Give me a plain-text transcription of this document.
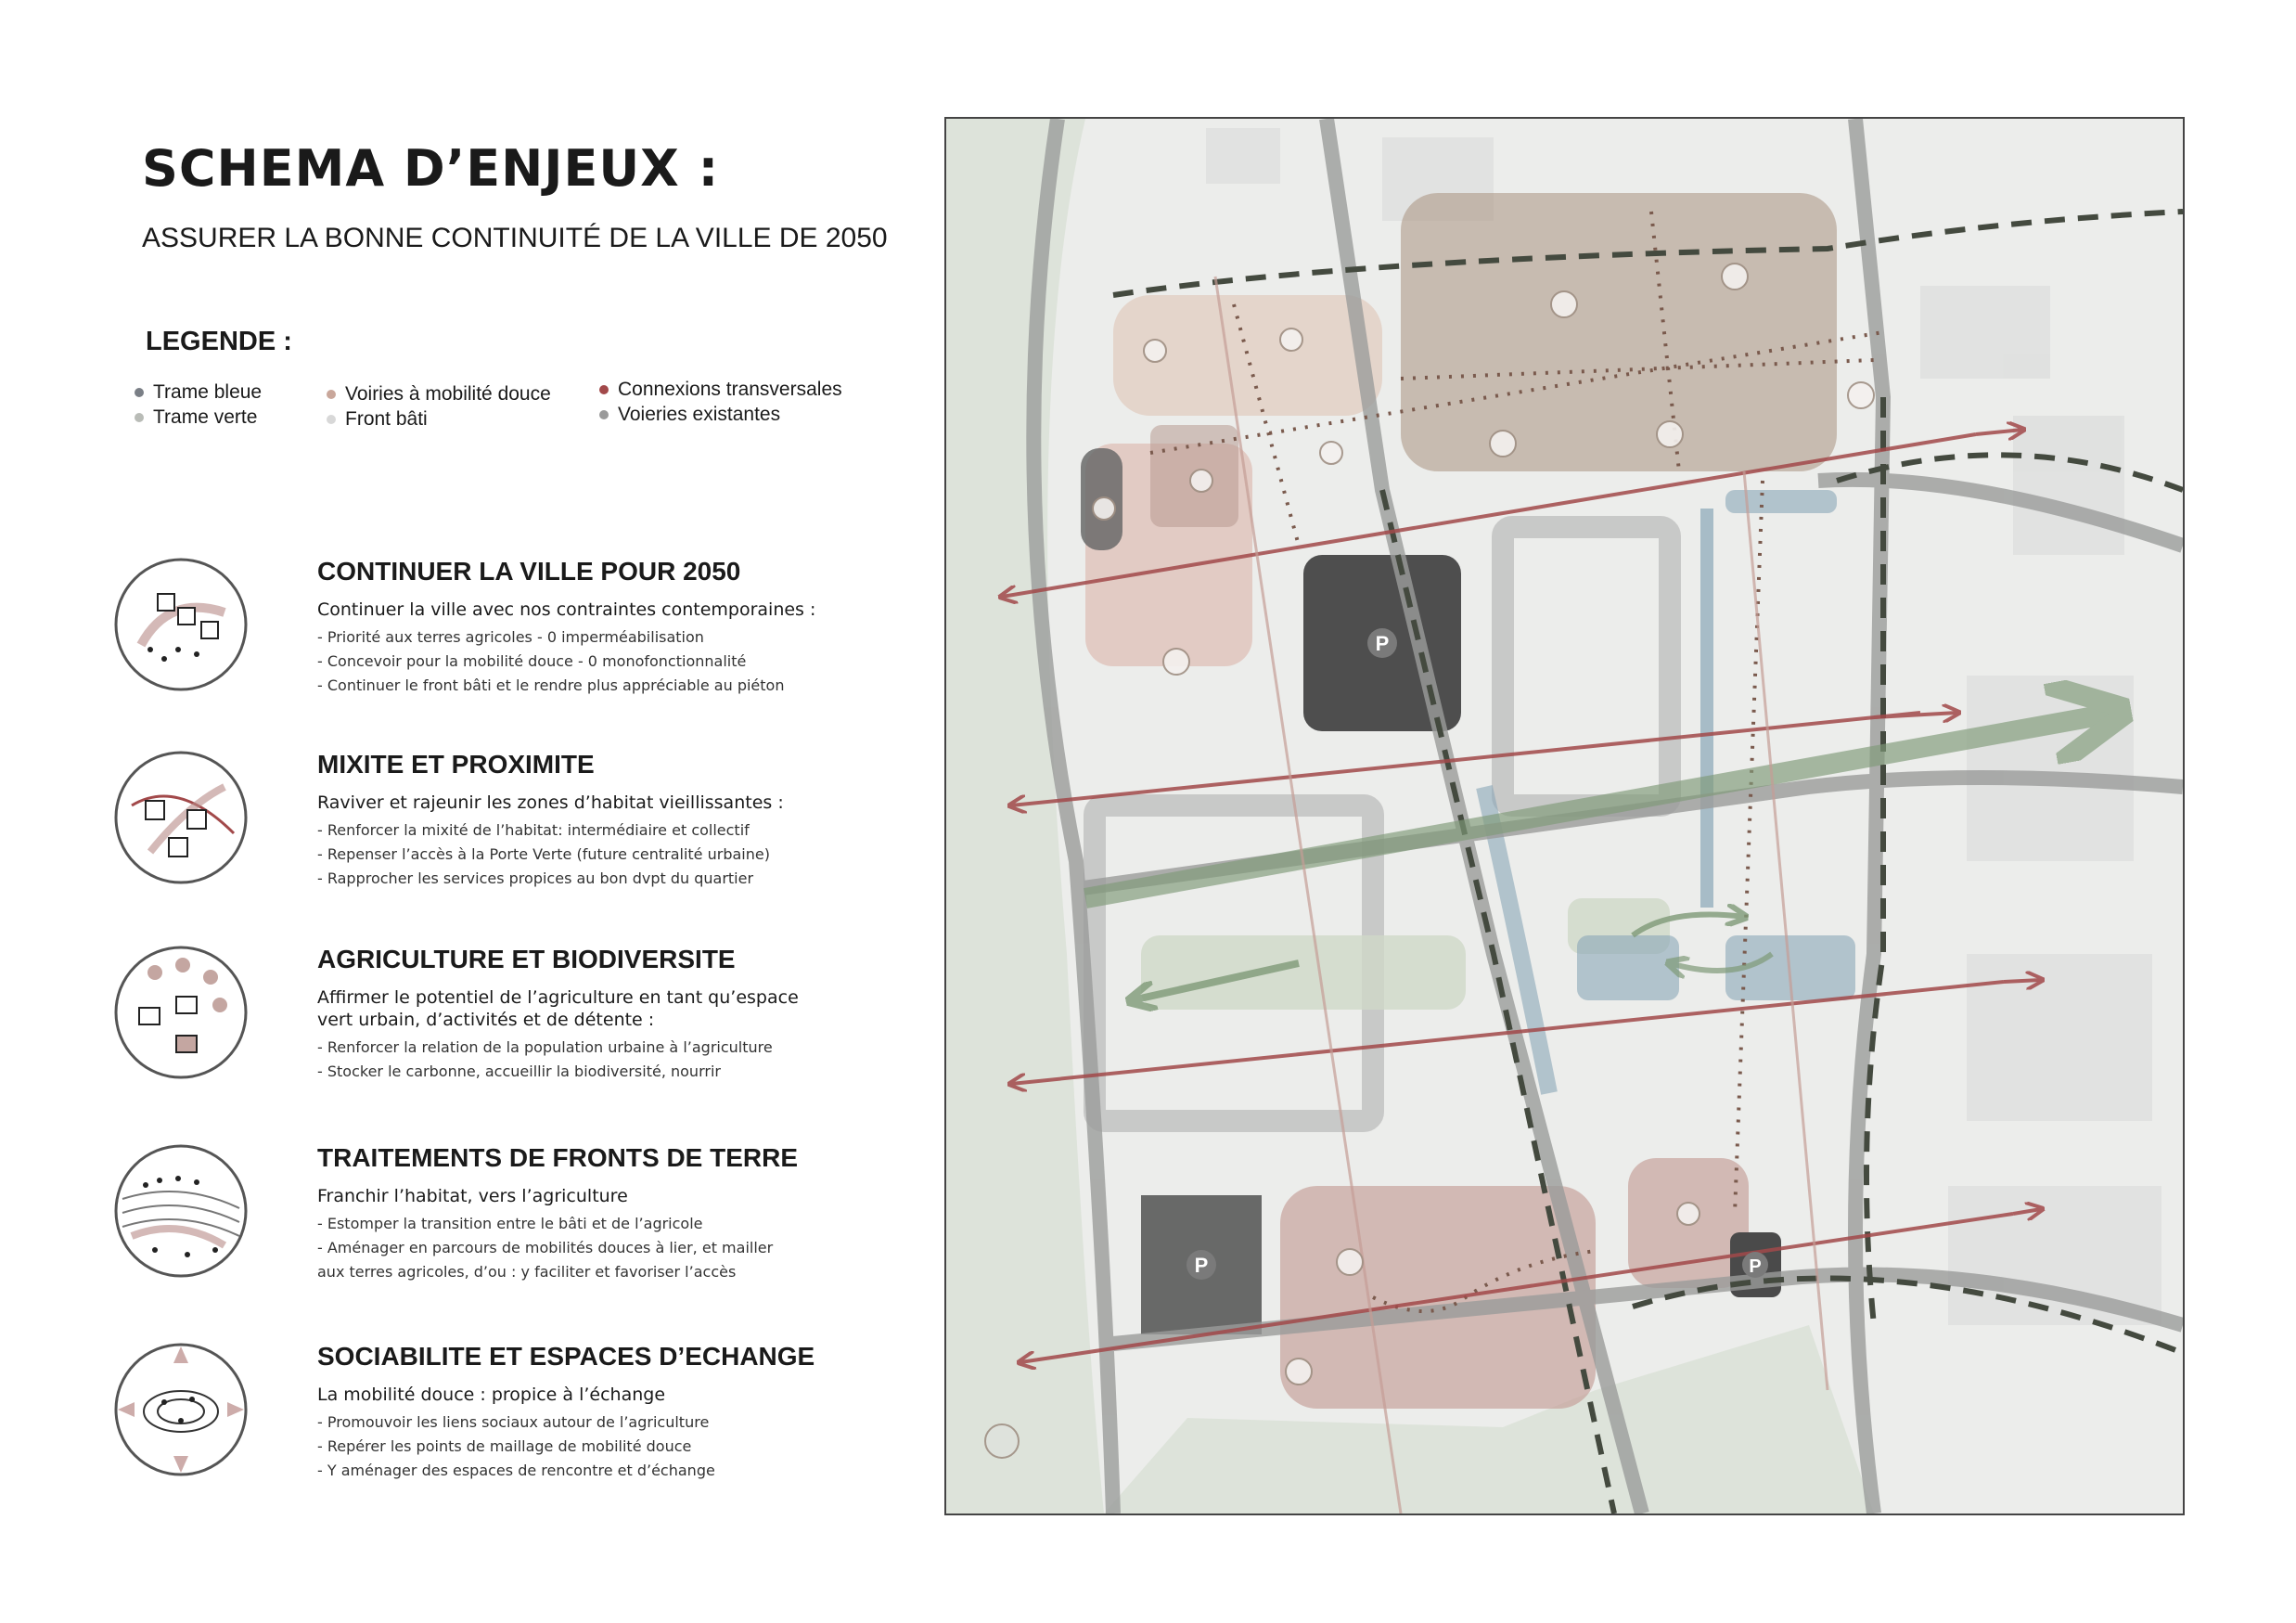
SCHEMA D’ENJEUX :
ASSURER LA BONNE CONTINUITÉ DE LA VILLE DE 2050
LEGENDE :
Trame bleue
Trame verte
Voiries à mobilité douce
Front bâti
Connexions transversales
Voieries existantes
CONTINUER LA VILLE POUR 2050
Continuer la ville avec nos contraintes contemporaines :
- Priorité aux terres agricoles - 0 imperméabilisation
- Concevoir pour la mobilité douce - 0 monofonctionnalité
- Continuer le front bâti et le rendre plus appréciable au piéton
MIXITE ET PROXIMITE
Raviver et rajeunir les zones d’habitat vieillissantes :
- Renforcer la mixité de l’habitat: intermédiaire et collectif
- Repenser l’accès à la Porte Verte (future centralité urbaine)
- Rapprocher les services propices au bon dvpt du quartier
AGRICULTURE ET BIODIVERSITE
Affirmer le potentiel de l’agriculture en tant qu’espace
vert urbain, d’activités et de détente :
- Renforcer la relation de la population urbaine à l’agriculture
- Stocker le carbonne, accueillir la biodiversité, nourrir
TRAITEMENTS DE FRONTS DE TERRE
Franchir l’habitat, vers l’agriculture
- Estomper la transition entre le bâti et de l’agricole
- Aménager en parcours de mobilités douces à lier, et mailler
aux terres agricoles, d’ou : y faciliter et favoriser l’accès
SOCIABILITE ET ESPACES D’ECHANGE
La mobilité douce : propice à l’échange
- Promouvoir les liens sociaux autour de l’agriculture
- Repérer les points de maillage de mobilité douce
- Y aménager des espaces de rencontre et d’échange
P
P	P
